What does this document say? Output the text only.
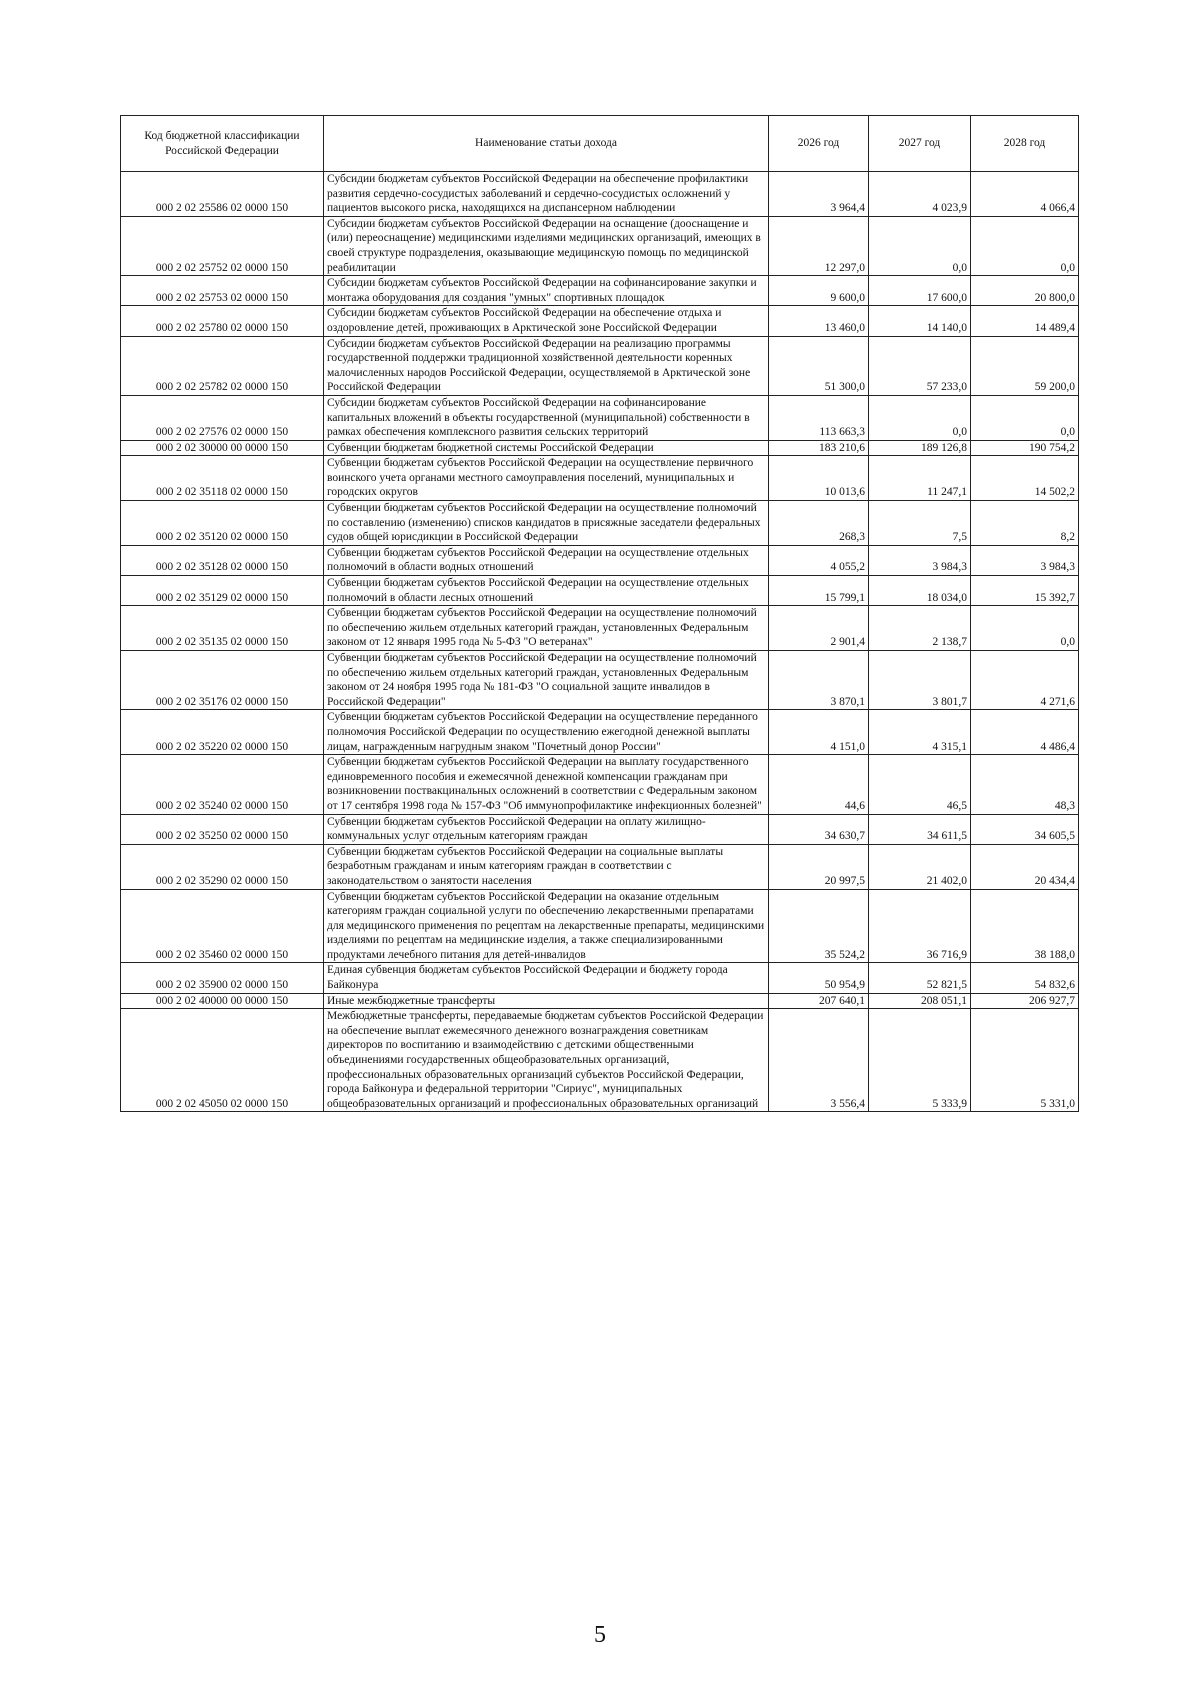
Код бюджетной классификации Российской Федерации	Наименование статьи дохода	2026 год	2027 год	2028 год
000 2 02 25586 02 0000 150	Субсидии бюджетам субъектов Российской Федерации на обеспечение профилактики развития сердечно-сосудистых заболеваний и сердечно-сосудистых осложнений у пациентов высокого риска, находящихся на диспансерном наблюдении	3 964,4	4 023,9	4 066,4
000 2 02 25752 02 0000 150	Субсидии бюджетам субъектов Российской Федерации на оснащение (дооснащение и (или) переоснащение) медицинскими изделиями медицинских организаций, имеющих в своей структуре подразделения, оказывающие медицинскую помощь по медицинской реабилитации	12 297,0	0,0	0,0
000 2 02 25753 02 0000 150	Субсидии бюджетам субъектов Российской Федерации на софинансирование закупки и монтажа оборудования для создания "умных" спортивных площадок	9 600,0	17 600,0	20 800,0
000 2 02 25780 02 0000 150	Субсидии бюджетам субъектов Российской Федерации на обеспечение отдыха и оздоровление детей, проживающих в Арктической зоне Российской Федерации	13 460,0	14 140,0	14 489,4
000 2 02 25782 02 0000 150	Субсидии бюджетам субъектов Российской Федерации на реализацию программы государственной поддержки традиционной хозяйственной деятельности коренных малочисленных народов Российской Федерации, осуществляемой в Арктической зоне Российской Федерации	51 300,0	57 233,0	59 200,0
000 2 02 27576 02 0000 150	Субсидии бюджетам субъектов Российской Федерации на софинансирование капитальных вложений в объекты государственной (муниципальной) собственности в рамках обеспечения комплексного развития сельских территорий	113 663,3	0,0	0,0
000 2 02 30000 00 0000 150	Субвенции бюджетам бюджетной системы Российской Федерации	183 210,6	189 126,8	190 754,2
000 2 02 35118 02 0000 150	Субвенции бюджетам субъектов Российской Федерации на осуществление первичного воинского учета органами местного самоуправления поселений, муниципальных и городских округов	10 013,6	11 247,1	14 502,2
000 2 02 35120 02 0000 150	Субвенции бюджетам субъектов Российской Федерации на осуществление полномочий по составлению (изменению) списков кандидатов в присяжные заседатели федеральных судов общей юрисдикции в Российской Федерации	268,3	7,5	8,2
000 2 02 35128 02 0000 150	Субвенции бюджетам субъектов Российской Федерации на осуществление отдельных полномочий в области водных отношений	4 055,2	3 984,3	3 984,3
000 2 02 35129 02 0000 150	Субвенции бюджетам субъектов Российской Федерации на осуществление отдельных полномочий в области лесных отношений	15 799,1	18 034,0	15 392,7
000 2 02 35135 02 0000 150	Субвенции бюджетам субъектов Российской Федерации на осуществление полномочий по обеспечению жильем отдельных категорий граждан, установленных Федеральным законом от 12 января 1995 года № 5-ФЗ "О ветеранах"	2 901,4	2 138,7	0,0
000 2 02 35176 02 0000 150	Субвенции бюджетам субъектов Российской Федерации на осуществление полномочий по обеспечению жильем отдельных категорий граждан, установленных Федеральным законом от 24 ноября 1995 года № 181-ФЗ "О социальной защите инвалидов в Российской Федерации"	3 870,1	3 801,7	4 271,6
000 2 02 35220 02 0000 150	Субвенции бюджетам субъектов Российской Федерации на осуществление переданного полномочия Российской Федерации по осуществлению ежегодной денежной выплаты лицам, награжденным нагрудным знаком "Почетный донор России"	4 151,0	4 315,1	4 486,4
000 2 02 35240 02 0000 150	Субвенции бюджетам субъектов Российской Федерации на выплату государственного единовременного пособия и ежемесячной денежной компенсации гражданам при возникновении поствакцинальных осложнений в соответствии с Федеральным законом от 17 сентября 1998 года № 157-ФЗ "Об иммунопрофилактике инфекционных болезней"	44,6	46,5	48,3
000 2 02 35250 02 0000 150	Субвенции бюджетам субъектов Российской Федерации на оплату жилищно-коммунальных услуг отдельным категориям граждан	34 630,7	34 611,5	34 605,5
000 2 02 35290 02 0000 150	Субвенции бюджетам субъектов Российской Федерации на социальные выплаты безработным гражданам и иным категориям граждан в соответствии с законодательством о занятости населения	20 997,5	21 402,0	20 434,4
000 2 02 35460 02 0000 150	Субвенции бюджетам субъектов Российской Федерации на оказание отдельным категориям граждан социальной услуги по обеспечению лекарственными препаратами для медицинского применения по рецептам на лекарственные препараты, медицинскими изделиями по рецептам на медицинские изделия, а также специализированными продуктами лечебного питания для детей-инвалидов	35 524,2	36 716,9	38 188,0
000 2 02 35900 02 0000 150	Единая субвенция бюджетам субъектов Российской Федерации и бюджету города Байконура	50 954,9	52 821,5	54 832,6
000 2 02 40000 00 0000 150	Иные межбюджетные трансферты	207 640,1	208 051,1	206 927,7
000 2 02 45050 02 0000 150	Межбюджетные трансферты, передаваемые бюджетам субъектов Российской Федерации на обеспечение выплат ежемесячного денежного вознаграждения советникам директоров по воспитанию и взаимодействию с детскими общественными объединениями государственных общеобразовательных организаций, профессиональных образовательных организаций субъектов Российской Федерации, города Байконура и федеральной территории "Сириус", муниципальных общеобразовательных организаций и профессиональных образовательных организаций	3 556,4	5 333,9	5 331,0
5
